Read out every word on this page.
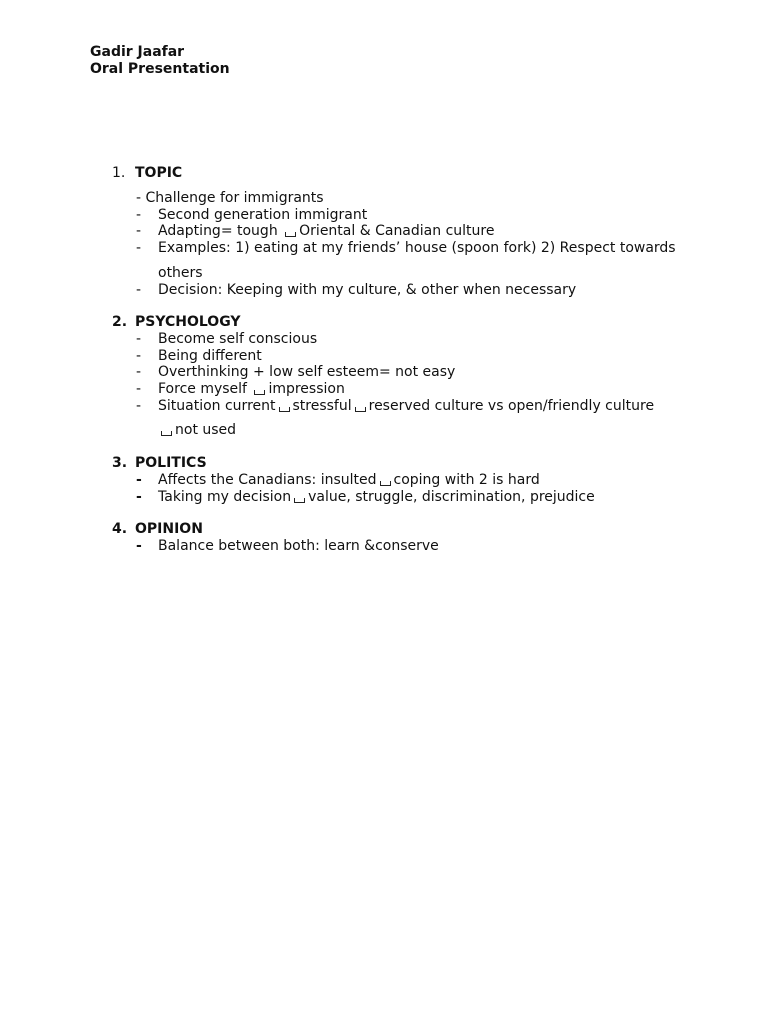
Gadir Jaafar
Oral Presentation
1. TOPIC
- Challenge for immigrants
- Second generation immigrant
- Adapting= tough Oriental & Canadian culture
- Examples: 1) eating at my friends’ house (spoon fork) 2) Respect towards
others
- Decision: Keeping with my culture, & other when necessary
2. PSYCHOLOGY
- Become self conscious
- Being different
- Overthinking + low self esteem= not easy
- Force myself impression
- Situation current stressful reserved culture vs open/friendly culture
not used
3. POLITICS
- Affects the Canadians: insulted coping with 2 is hard
- Taking my decision value, struggle, discrimination, prejudice
4. OPINION
- Balance between both: learn &conserve
